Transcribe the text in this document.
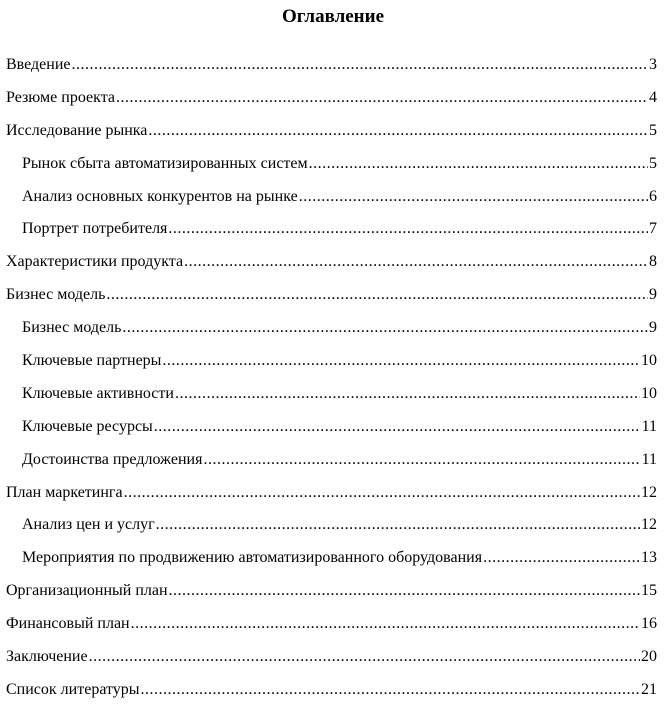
Оглавление
Введение .....	3
Резюме проекта .....	4
Исследование рынка .....	5
Рынок сбыта автоматизированных систем .....	5
Анализ основных конкурентов на рынке .....	6
Портрет потребителя .....	7
Характеристики продукта .....	8
Бизнес модель .....	9
Бизнес модель .....	9
Ключевые партнеры .....	10
Ключевые активности .....	10
Ключевые ресурсы .....	11
Достоинства предложения .....	11
План маркетинга .....	12
Анализ цен и услуг .....	12
Мероприятия по продвижению автоматизированного оборудования .....	13
Организационный план .....	15
Финансовый план .....	16
Заключение .....	20
Список литературы .....	21
